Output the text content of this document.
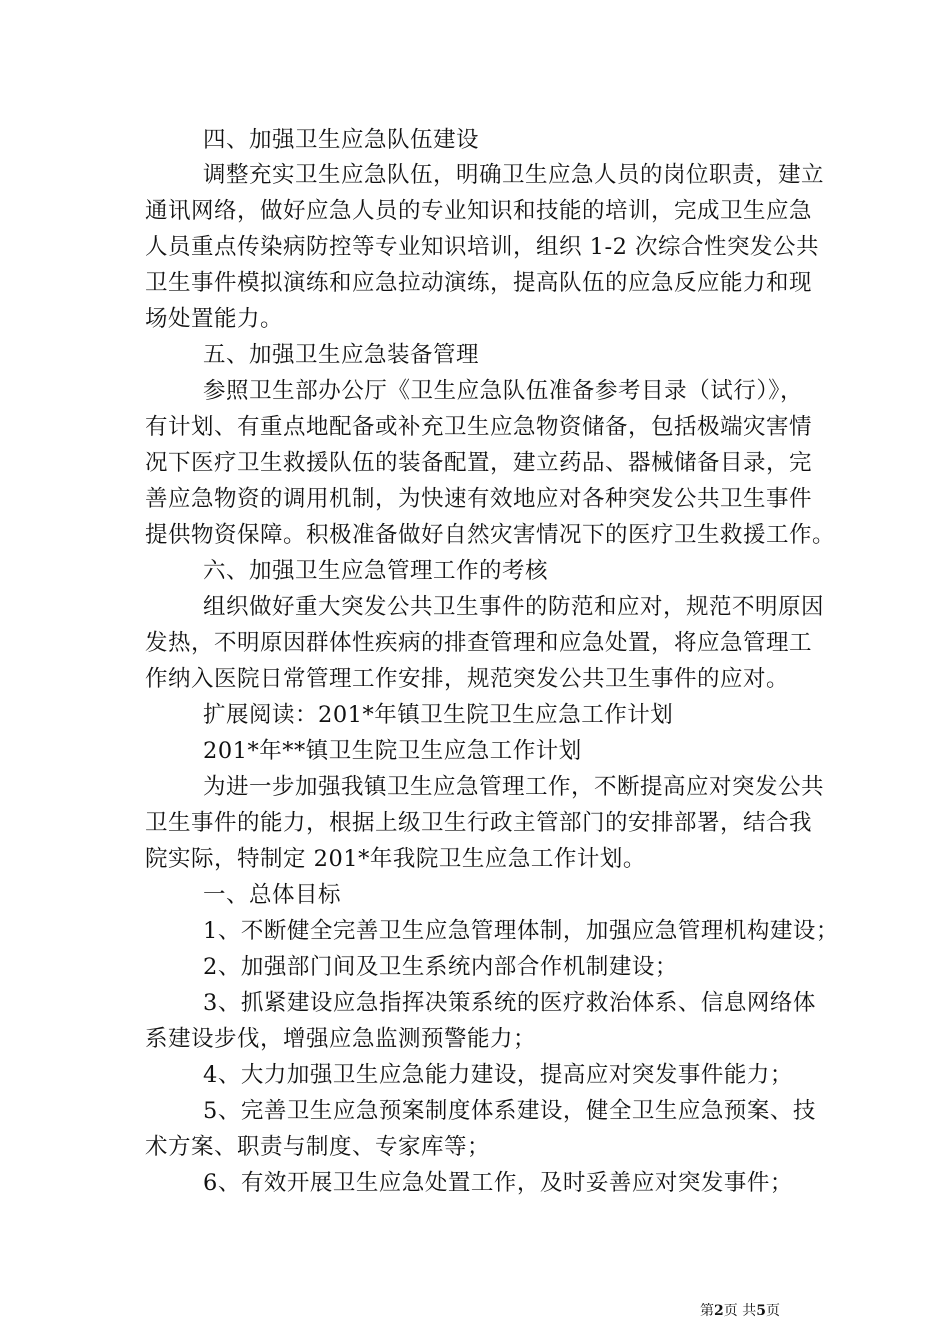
四、加强卫生应急队伍建设
调整充实卫生应急队伍，明确卫生应急人员的岗位职责，建立
通讯网络，做好应急人员的专业知识和技能的培训，完成卫生应急
人员重点传染病防控等专业知识培训，组织 1-2 次综合性突发公共
卫生事件模拟演练和应急拉动演练，提高队伍的应急反应能力和现
场处置能力。
五、加强卫生应急装备管理
参照卫生部办公厅《卫生应急队伍准备参考目录（试行）》，
有计划、有重点地配备或补充卫生应急物资储备，包括极端灾害情
况下医疗卫生救援队伍的装备配置，建立药品、器械储备目录，完
善应急物资的调用机制，为快速有效地应对各种突发公共卫生事件
提供物资保障。积极准备做好自然灾害情况下的医疗卫生救援工作。
六、加强卫生应急管理工作的考核
组织做好重大突发公共卫生事件的防范和应对，规范不明原因
发热，不明原因群体性疾病的排查管理和应急处置，将应急管理工
作纳入医院日常管理工作安排，规范突发公共卫生事件的应对。
扩展阅读：201*年镇卫生院卫生应急工作计划
201*年**镇卫生院卫生应急工作计划
为进一步加强我镇卫生应急管理工作，不断提高应对突发公共
卫生事件的能力，根据上级卫生行政主管部门的安排部署，结合我
院实际，特制定 201*年我院卫生应急工作计划。
一、总体目标
1、不断健全完善卫生应急管理体制，加强应急管理机构建设；
2、加强部门间及卫生系统内部合作机制建设；
3、抓紧建设应急指挥决策系统的医疗救治体系、信息网络体
系建设步伐，增强应急监测预警能力；
4、大力加强卫生应急能力建设，提高应对突发事件能力；
5、完善卫生应急预案制度体系建设，健全卫生应急预案、技
术方案、职责与制度、专家库等；
6、有效开展卫生应急处置工作，及时妥善应对突发事件；
第2页 共5页
